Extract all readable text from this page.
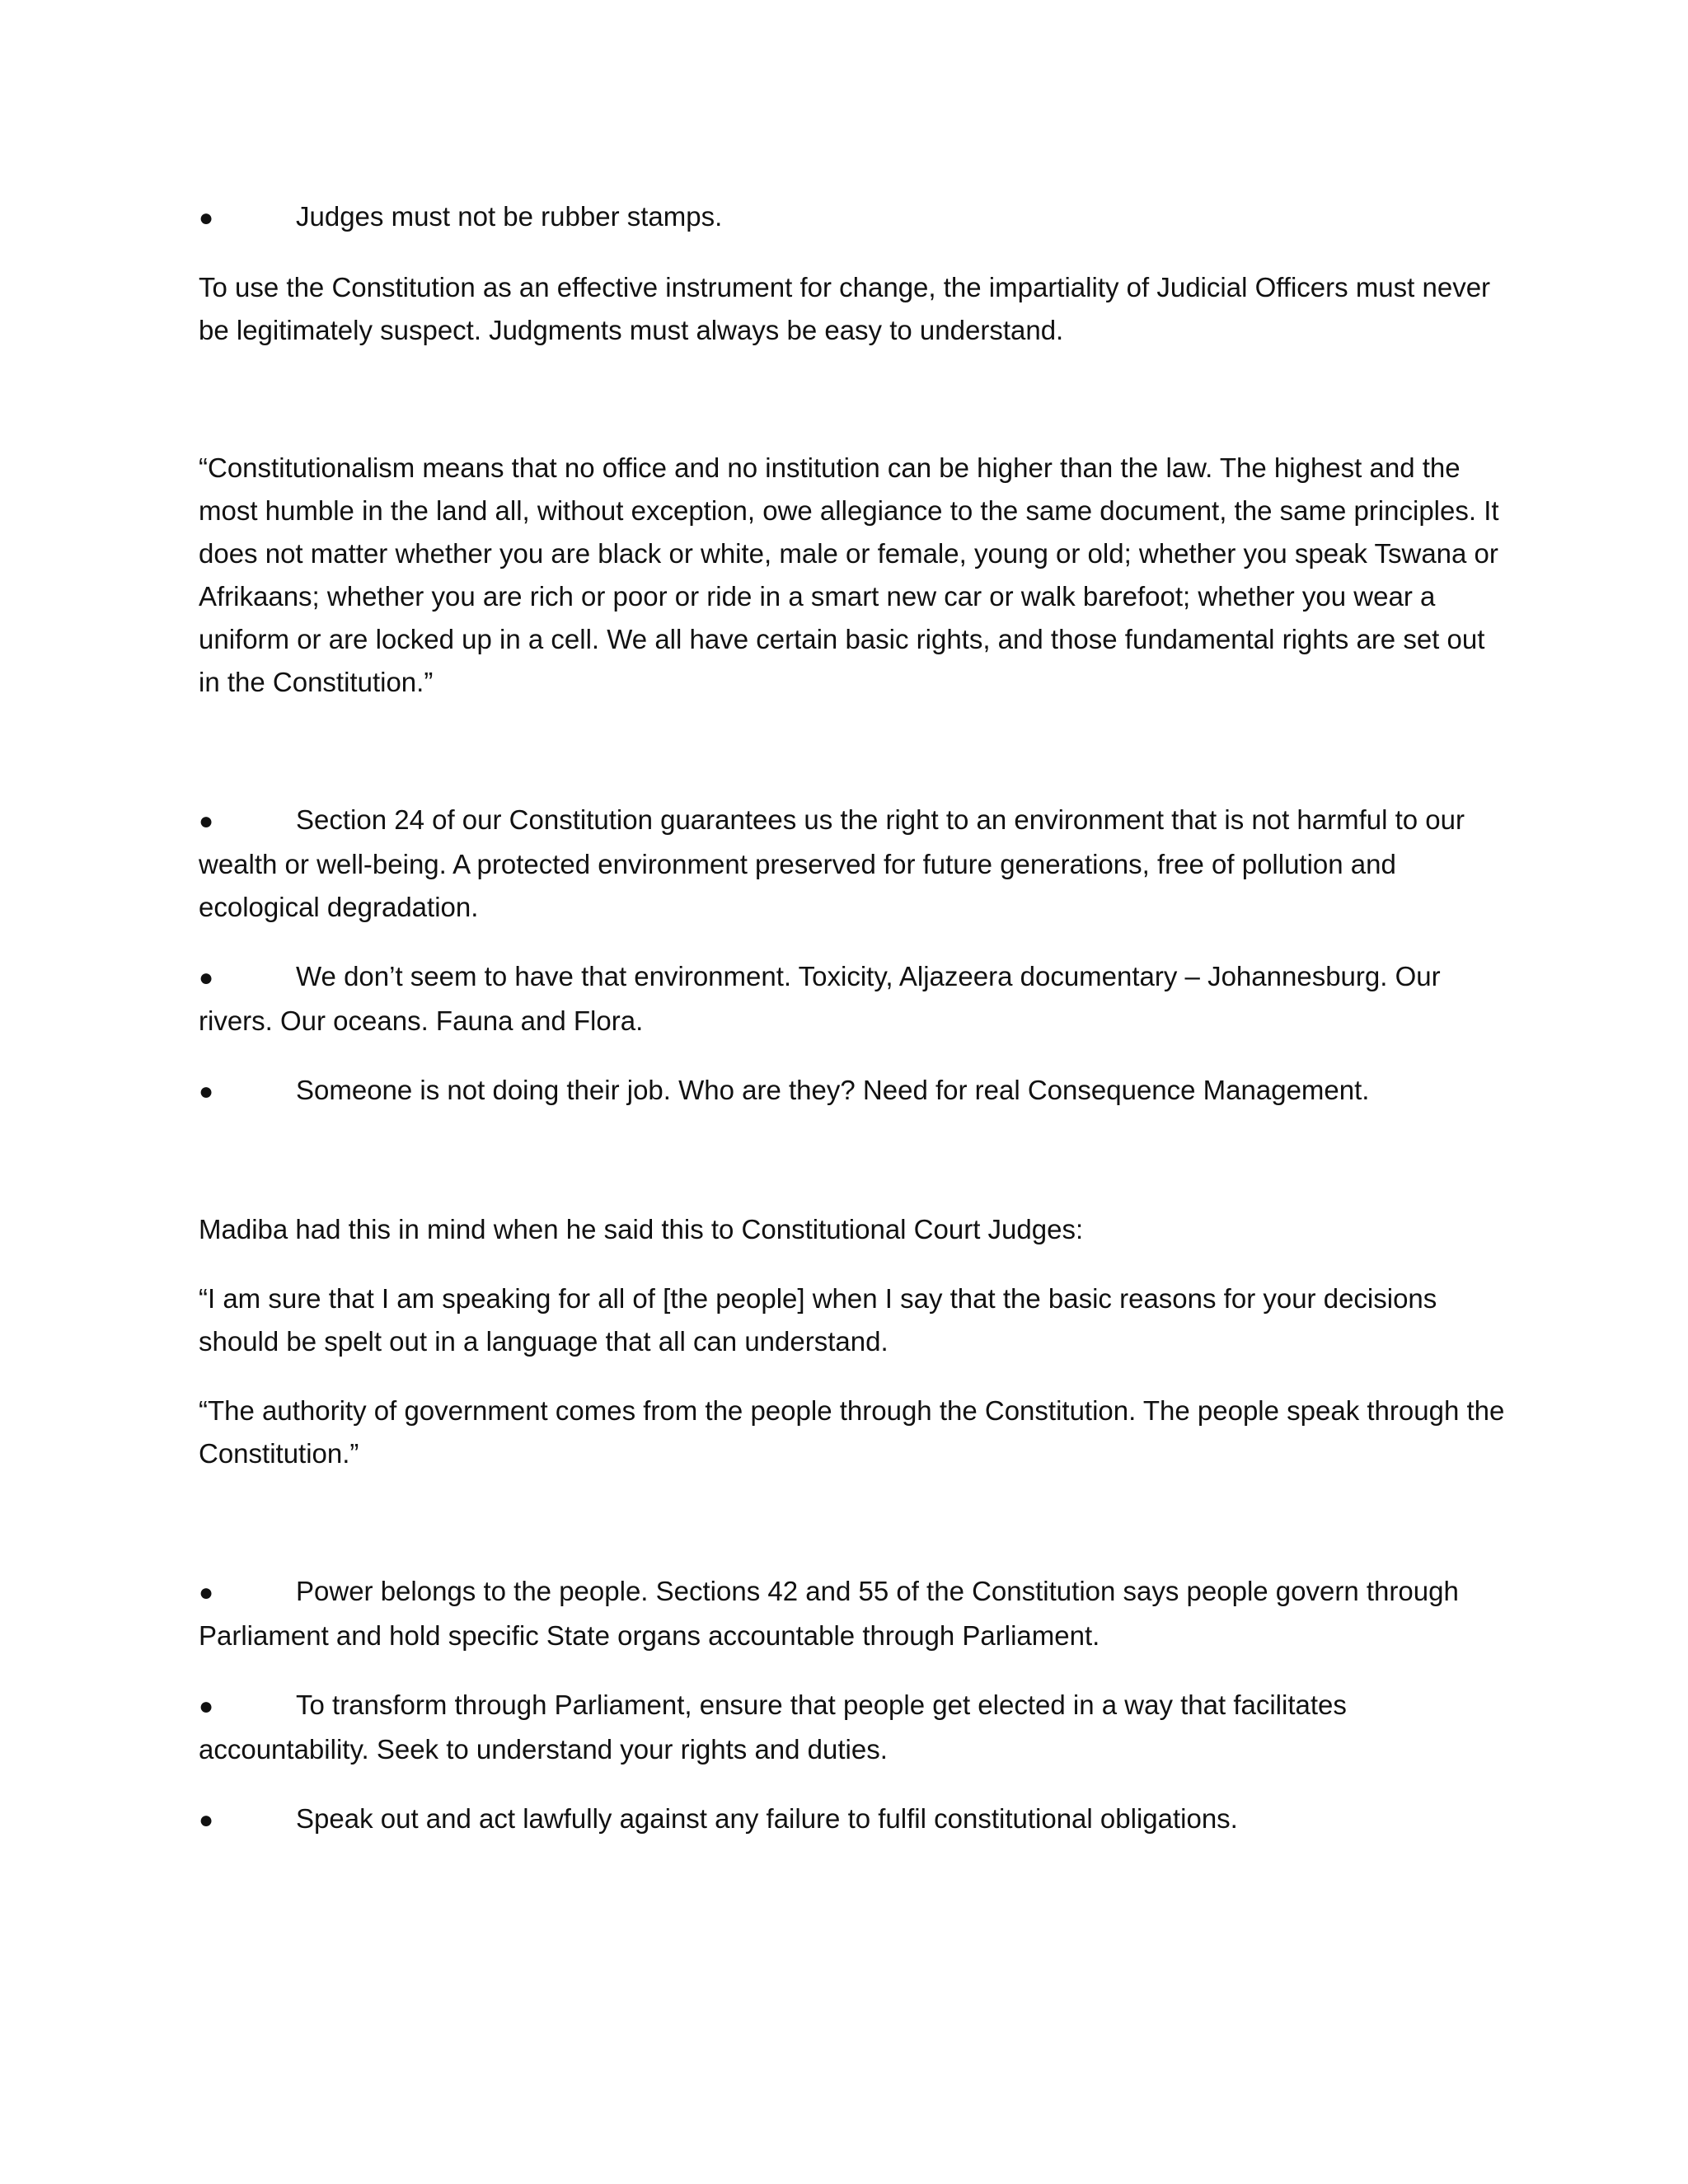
●	Judges must not be rubber stamps.

To use the Constitution as an effective instrument for change, the impartiality of Judicial Officers must never be legitimately suspect. Judgments must always be easy to understand.

“Constitutionalism means that no office and no institution can be higher than the law. The highest and the most humble in the land all, without exception, owe allegiance to the same document, the same principles. It does not matter whether you are black or white, male or female, young or old; whether you speak Tswana or Afrikaans; whether you are rich or poor or ride in a smart new car or walk barefoot; whether you wear a uniform or are locked up in a cell. We all have certain basic rights, and those fundamental rights are set out in the Constitution.”

●	Section 24 of our Constitution guarantees us the right to an environment that is not harmful to our wealth or well-being. A protected environment preserved for future generations, free of pollution and ecological degradation.

●	We don’t seem to have that environment. Toxicity, Aljazeera documentary – Johannesburg. Our rivers. Our oceans. Fauna and Flora.

●	Someone is not doing their job. Who are they? Need for real Consequence Management.

Madiba had this in mind when he said this to Constitutional Court Judges:

“I am sure that I am speaking for all of [the people] when I say that the basic reasons for your decisions should be spelt out in a language that all can understand.

“The authority of government comes from the people through the Constitution. The people speak through the Constitution.”

●	Power belongs to the people. Sections 42 and 55 of the Constitution says people govern through Parliament and hold specific State organs accountable through Parliament.

●	To transform through Parliament, ensure that people get elected in a way that facilitates accountability. Seek to understand your rights and duties.

●	Speak out and act lawfully against any failure to fulfil constitutional obligations.
